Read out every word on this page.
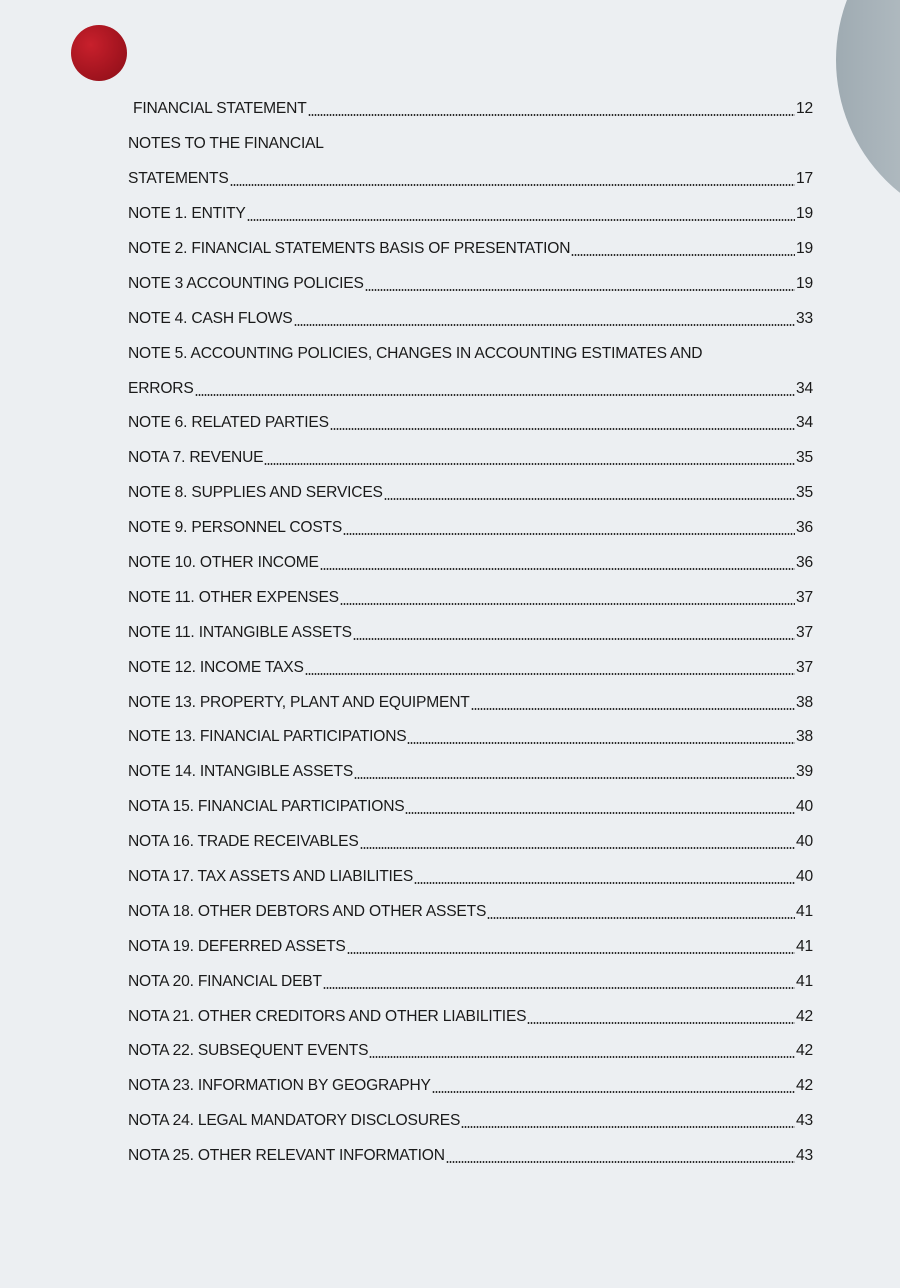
FINANCIAL STATEMENT	12
NOTES TO THE FINANCIAL
STATEMENTS	17
NOTE 1. ENTITY	19
NOTE 2. FINANCIAL STATEMENTS BASIS OF PRESENTATION	19
NOTE 3 ACCOUNTING POLICIES	19
NOTE 4. CASH FLOWS	33
NOTE 5. ACCOUNTING POLICIES, CHANGES IN ACCOUNTING ESTIMATES AND
ERRORS	34
NOTE 6. RELATED PARTIES	34
NOTA 7. REVENUE	35
NOTE 8. SUPPLIES AND SERVICES	35
NOTE 9. PERSONNEL COSTS	36
NOTE 10. OTHER INCOME	36
NOTE 11. OTHER EXPENSES	37
NOTE 11. INTANGIBLE ASSETS	37
NOTE 12. INCOME TAXS	37
NOTE 13. PROPERTY, PLANT AND EQUIPMENT	38
NOTE 13. FINANCIAL PARTICIPATIONS	38
NOTE 14. INTANGIBLE ASSETS	39
NOTA 15. FINANCIAL PARTICIPATIONS	40
NOTA 16. TRADE RECEIVABLES	40
NOTA 17. TAX ASSETS AND LIABILITIES	40
NOTA 18. OTHER DEBTORS AND OTHER ASSETS	41
NOTA 19. DEFERRED ASSETS	41
NOTA 20. FINANCIAL DEBT	41
NOTA 21. OTHER CREDITORS AND OTHER LIABILITIES	42
NOTA 22. SUBSEQUENT EVENTS	42
NOTA 23. INFORMATION BY GEOGRAPHY	42
NOTA 24. LEGAL MANDATORY DISCLOSURES	43
NOTA 25. OTHER RELEVANT INFORMATION	43
